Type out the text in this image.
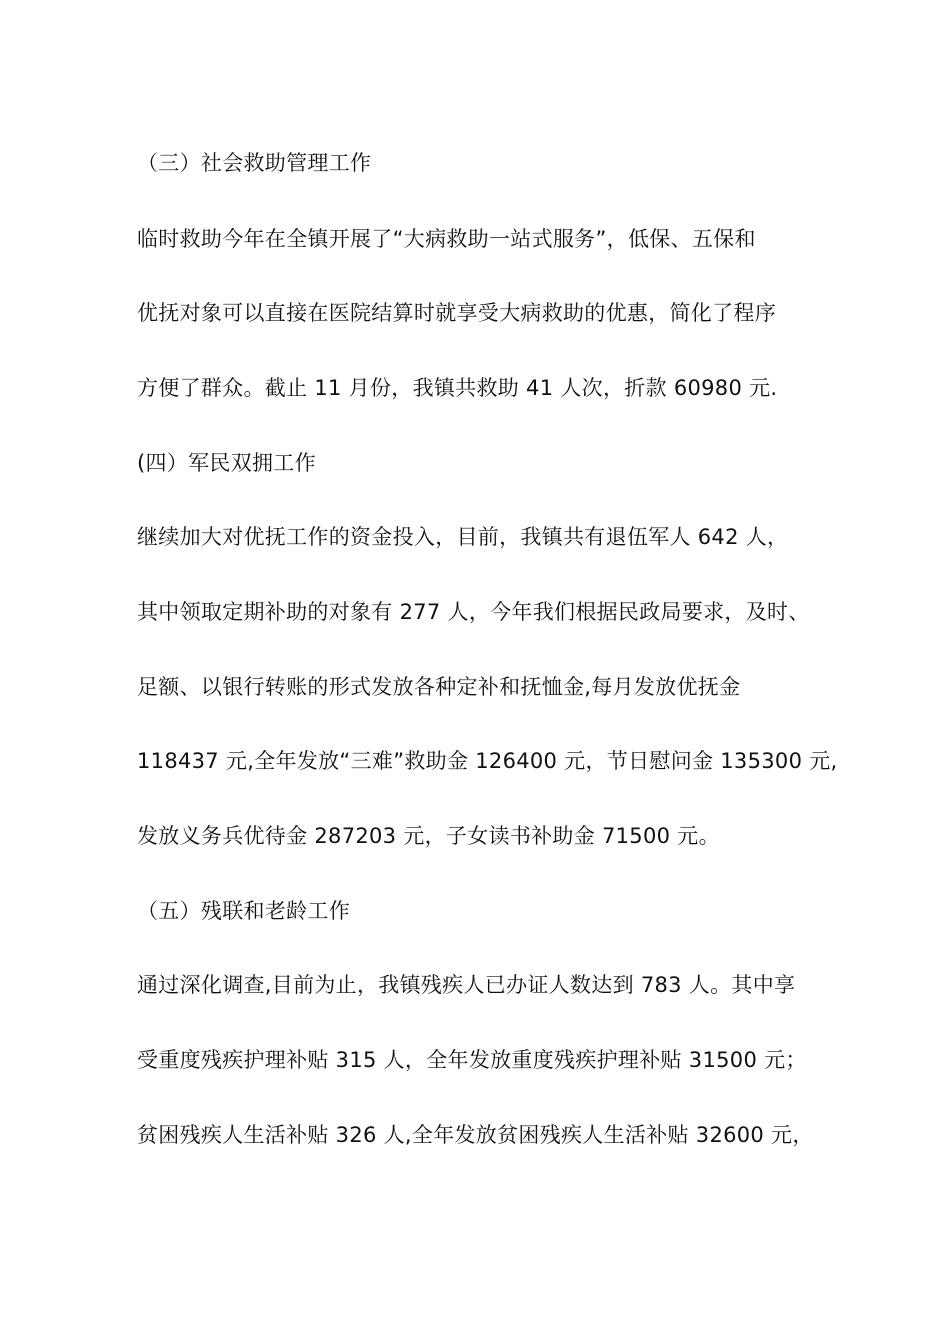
（三）社会救助管理工作
临时救助今年在全镇开展了“大病救助一站式服务”，低保、五保和
优抚对象可以直接在医院结算时就享受大病救助的优惠，简化了程序
方便了群众。截止 11 月份，我镇共救助 41 人次，折款 60980 元.
(四）军民双拥工作
继续加大对优抚工作的资金投入，目前，我镇共有退伍军人 642 人，
其中领取定期补助的对象有 277 人，今年我们根据民政局要求，及时、
足额、以银行转账的形式发放各种定补和抚恤金,每月发放优抚金
118437 元,全年发放“三难”救助金 126400 元，节日慰问金 135300 元,
发放义务兵优待金 287203 元，子女读书补助金 71500 元。
（五）残联和老龄工作
通过深化调查,目前为止，我镇残疾人已办证人数达到 783 人。其中享
受重度残疾护理补贴 315 人，全年发放重度残疾护理补贴 31500 元；
贫困残疾人生活补贴 326 人,全年发放贫困残疾人生活补贴 32600 元，
